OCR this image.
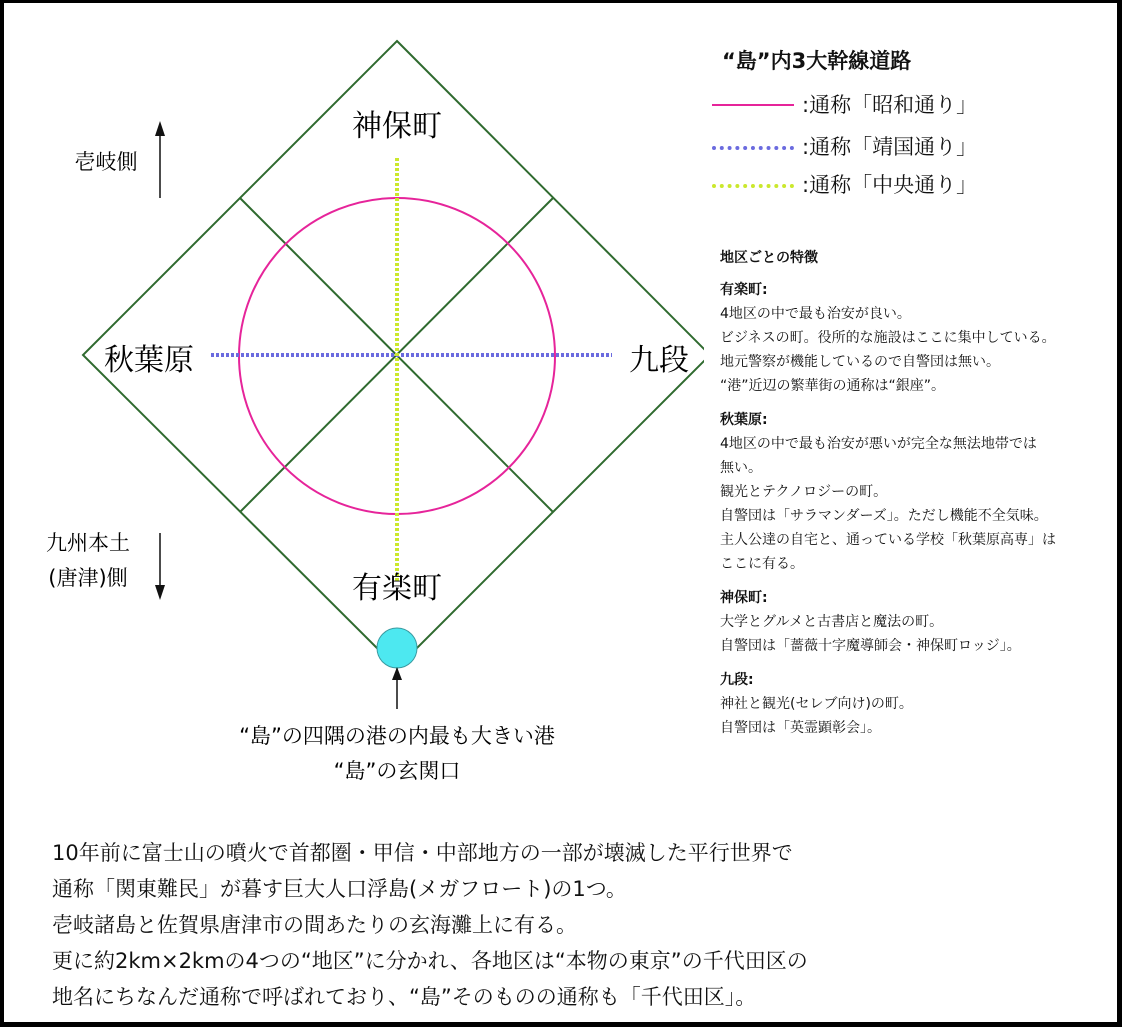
神保町
秋葉原	九段
有楽町
壱岐側
九州本土
(唐津)側
“島”の四隅の港の内最も大きい港
“島”の玄関口
“島”内3大幹線道路
:通称「昭和通り」
:通称「靖国通り」
:通称「中央通り」
地区ごとの特徴
有楽町:
4地区の中で最も治安が良い。
ビジネスの町。役所的な施設はここに集中している。
地元警察が機能しているので自警団は無い。
“港”近辺の繁華街の通称は“銀座”。
秋葉原:
4地区の中で最も治安が悪いが完全な無法地帯では
無い。
観光とテクノロジーの町。
自警団は「サラマンダーズ」。ただし機能不全気味。
主人公達の自宅と、通っている学校「秋葉原高専」は
ここに有る。
神保町:
大学とグルメと古書店と魔法の町。
自警団は「薔薇十字魔導師会・神保町ロッジ」。
九段:
神社と観光(セレブ向け)の町。
自警団は「英霊顕彰会」。
10年前に富士山の噴火で首都圏・甲信・中部地方の一部が壊滅した平行世界で
通称「関東難民」が暮す巨大人口浮島(メガフロート)の1つ。
壱岐諸島と佐賀県唐津市の間あたりの玄海灘上に有る。
更に約2km×2kmの4つの“地区”に分かれ、各地区は“本物の東京”の千代田区の
地名にちなんだ通称で呼ばれており、“島”そのものの通称も「千代田区」。
